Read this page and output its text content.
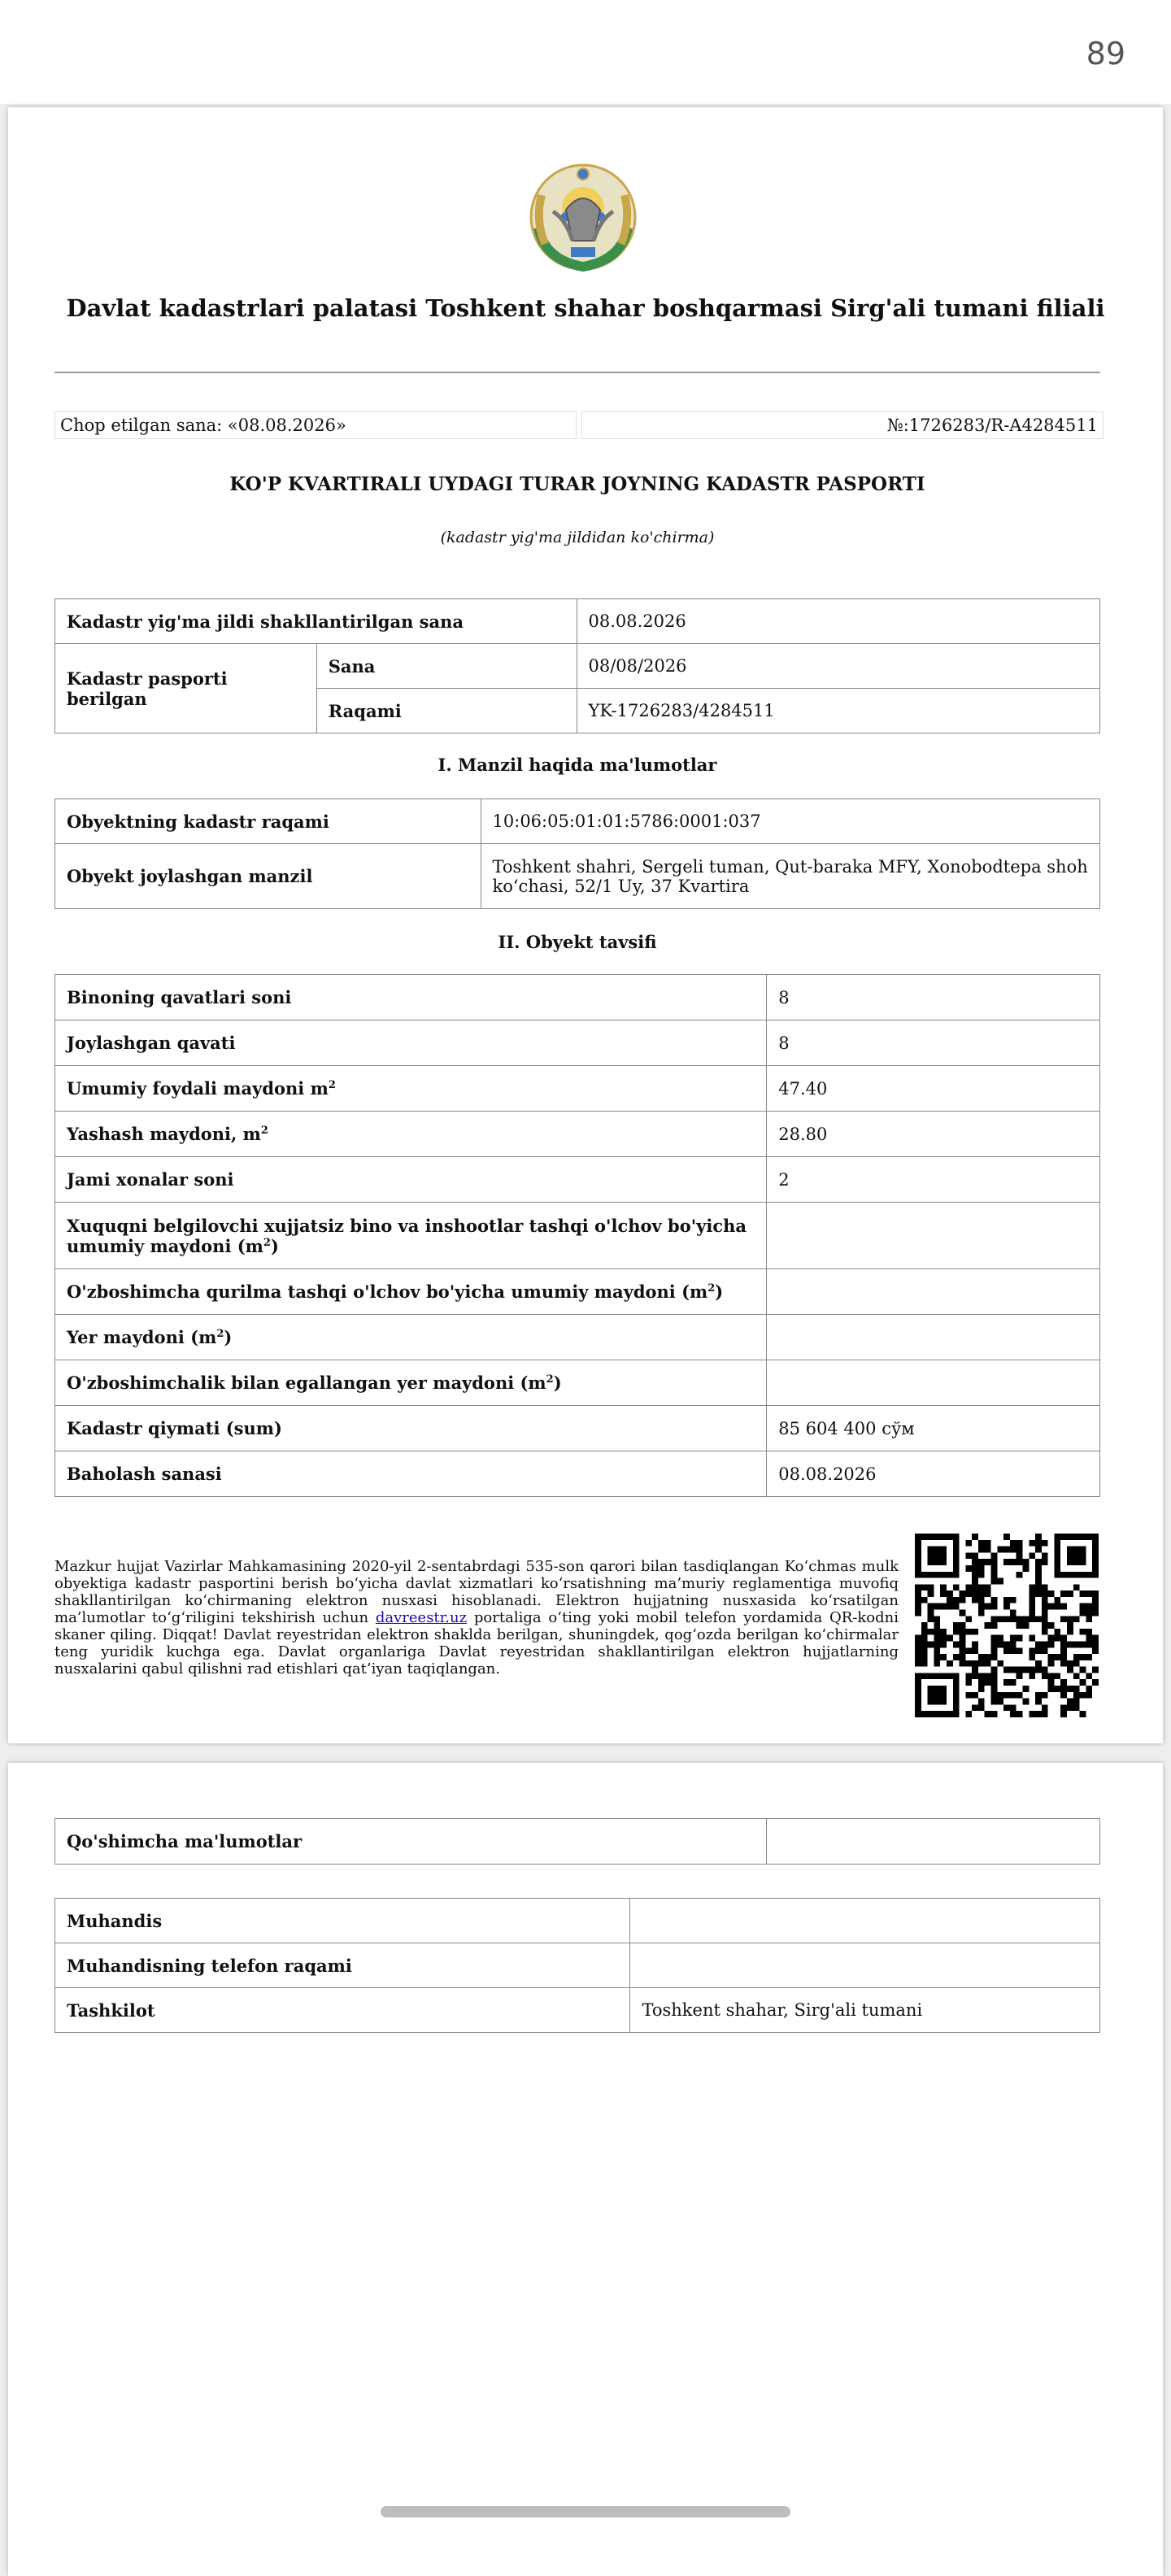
89
Davlat kadastrlari palatasi Toshkent shahar boshqarmasi Sirg'ali tumani filiali
Chop etilgan sana: «08.08.2026»	№:1726283/R-A4284511
KO'P KVARTIRALI UYDAGI TURAR JOYNING KADASTR PASPORTI
(kadastr yig'ma jildidan ko'chirma)
Kadastr yig'ma jildi shakllantirilgan sana		08.08.2026
Kadastr pasporti berilgan	Sana	08/08/2026
	Raqami	YK-1726283/4284511
I. Manzil haqida ma'lumotlar
Obyektning kadastr raqami	10:06:05:01:01:5786:0001:037
Obyekt joylashgan manzil	Toshkent shahri, Sergeli tuman, Qut-baraka MFY, Xonobodtepa shoh ko‘chasi, 52/1 Uy, 37 Kvartira
II. Obyekt tavsifi
Binoning qavatlari soni	8
Joylashgan qavati	8
Umumiy foydali maydoni $m^2$	47.40
Yashash maydoni, $m^2$	28.80
Jami xonalar soni	2
Xuquqni belgilovchi xujjatsiz bino va inshootlar tashqi o'lchov bo'yicha umumiy maydoni $(m^2)$	
O'zboshimcha qurilma tashqi o'lchov bo'yicha umumiy maydoni $(m^2)$	
Yer maydoni $(m^2)$	
O'zboshimchalik bilan egallangan yer maydoni $(m^2)$	
Kadastr qiymati (sum)	85 604 400 сўм
Baholash sanasi	08.08.2026
Mazkur hujjat Vazirlar Mahkamasining 2020-yil 2-sentabrdagi 535-son qarori bilan tasdiqlangan Ko‘chmas mulk obyektiga kadastr pasportini berish bo‘yicha davlat xizmatlari ko‘rsatishning ma’muriy reglamentiga muvofiq shakllantirilgan ko‘chirmaning elektron nusxasi hisoblanadi. Elektron hujjatning nusxasida ko‘rsatilgan ma’lumotlar to‘g‘riligini tekshirish uchun davreestr.uz portaliga o‘ting yoki mobil telefon yordamida QR-kodni skaner qiling. Diqqat! Davlat reyestridan elektron shaklda berilgan, shuningdek, qog‘ozda berilgan ko‘chirmalar teng yuridik kuchga ega. Davlat organlariga Davlat reyestridan shakllantirilgan elektron hujjatlarning nusxalarini qabul qilishni rad etishlari qat’iyan taqiqlangan.
Qo'shimcha ma'lumotlar	
Muhandis	
Muhandisning telefon raqami	
Tashkilot	Toshkent shahar, Sirg'ali tumani
